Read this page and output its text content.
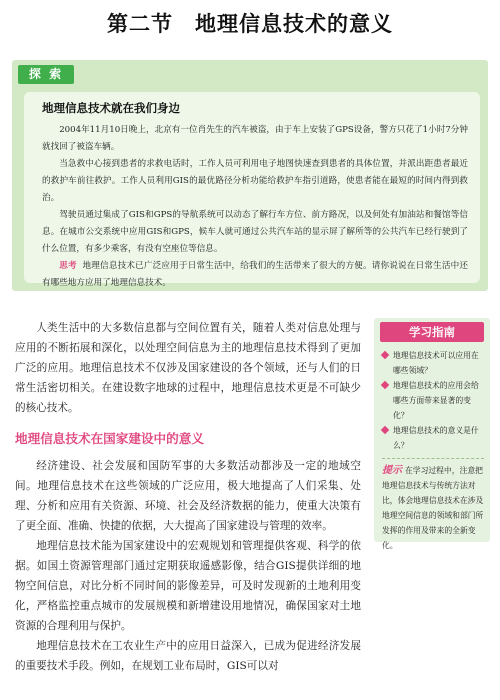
第二节 地理信息技术的意义
探 索
地理信息技术就在我们身边

2004年11月10日晚上，北京有一位肖先生的汽车被盗，由于车上安装了GPS设备，警方只花了1小时7分钟就找回了被盗车辆。

当急救中心接到患者的求救电话时，工作人员可利用电子地图快速查到患者的具体位置，并派出距患者最近的救护车前往救护。工作人员利用GIS的最优路径分析功能给救护车指引道路，使患者能在最短的时间内得到救治。

驾驶员通过集成了GIS和GPS的导航系统可以动态了解行车方位、前方路况，以及何处有加油站和餐馆等信息。在城市公交系统中应用GIS和GPS，候车人就可通过公共汽车站的显示屏了解所等的公共汽车已经行驶到了什么位置，有多少乘客，有没有空座位等信息。

思考 地理信息技术已广泛应用于日常生活中，给我们的生活带来了很大的方便。请你说说在日常生活中还有哪些地方应用了地理信息技术。

人类生活中的大多数信息都与空间位置有关，随着人类对信息处理与应用的不断拓展和深化，以处理空间信息为主的地理信息技术得到了更加广泛的应用。地理信息技术不仅涉及国家建设的各个领域，还与人们的日常生活密切相关。在建设数字地球的过程中，地理信息技术更是不可缺少的核心技术。

地理信息技术在国家建设中的意义

经济建设、社会发展和国防军事的大多数活动都涉及一定的地域空间。地理信息技术在这些领域的广泛应用，极大地提高了人们采集、处理、分析和应用有关资源、环境、社会及经济数据的能力，使重大决策有了更全面、准确、快捷的依据，大大提高了国家建设与管理的效率。

地理信息技术能为国家建设中的宏观规划和管理提供客观、科学的依据。如国土资源管理部门通过定期获取遥感影像，结合GIS提供详细的地物空间信息，对比分析不同时间的影像差异，可及时发现新的土地利用变化，严格监控重点城市的发展规模和新增建设用地情况，确保国家对土地资源的合理利用与保护。

地理信息技术在工农业生产中的应用日益深入，已成为促进经济发展的重要技术手段。例如，在规划工业布局时，GIS可以对

学习指南

地理信息技术可以应用在哪些领域？

地理信息技术的应用会给哪些方面带来显著的变化？

地理信息技术的意义是什么？

提示 在学习过程中，注意把地理信息技术与传统方法对比，体会地理信息技术在涉及地理空间信息的领域和部门所发挥的作用及带来的全新变化。
